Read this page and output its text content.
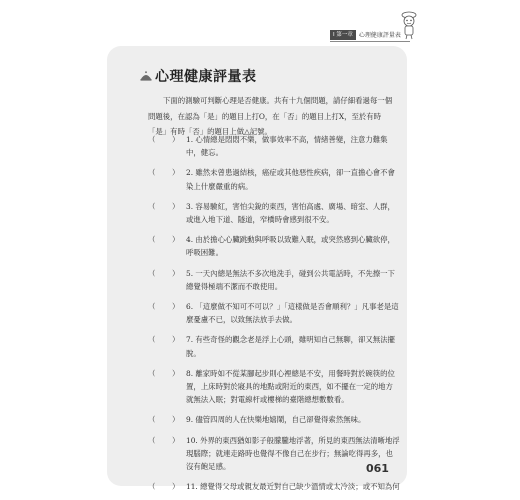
Ⅰ 第一章	心理健康評量表
心理健康評量表

下面的測驗可判斷心理是否健康。共有十九個問題，請仔細看過每一個問題後，在認為「是」的題目上打O，在「否」的題目上打X，至於有時「是」有時「否」的題目上做△記號。

（	） 1. 心情總是悶悶不樂，做事效率不高，情緒善變，注意力難集中，健忘。
（	） 2. 雖然未曾患過結核，癌症或其他惡性疾病，卻一直擔心會不會染上什麼嚴重的病。
（	） 3. 容易驗紅，害怕尖銳的東西，害怕高處、廣場、暗室、人群，或進入地下道、隧道，窄橋時會感到很不安。
（	） 4. 由於擔心心臟跳動與呼吸以致難入眠，或突然感到心臟欲停，呼吸困難。
（	） 5. 一天內總是無法不多次地洗手，碰到公共電話時，不先擦一下總覺得極端不潔而不敢使用。
（	） 6. 「這麼做不知可不可以？」「這樣做是否會順利？」凡事老是這麼憂慮不已，以致無法放手去做。
（	） 7. 有些奇怪的觀念老是浮上心頭，雖明知自己無聊，卻又無法擺脫。
（	） 8. 離家時如不從某腳起步則心裡總是不安，用餐時對於碗筷的位置，上床時對於寢具的地點或附近的東西，如不擺在一定的地方就無法入眠；對電線杆或樓梯的臺階總想數數看。
（	） 9. 儘管四周的人在快樂地嬉鬧，自己卻覺得索然無味。
（	） 10. 外界的東西猶如影子般朦朧地浮著，所見的東西無法清晰地浮現腦際；就連走路時也覺得不像自己在步行；無論吃得再多，也沒有飽足感。
（	） 11. 總覺得父母或親友最近對自己缺少溫情或太冷淡；或不知為何
061
